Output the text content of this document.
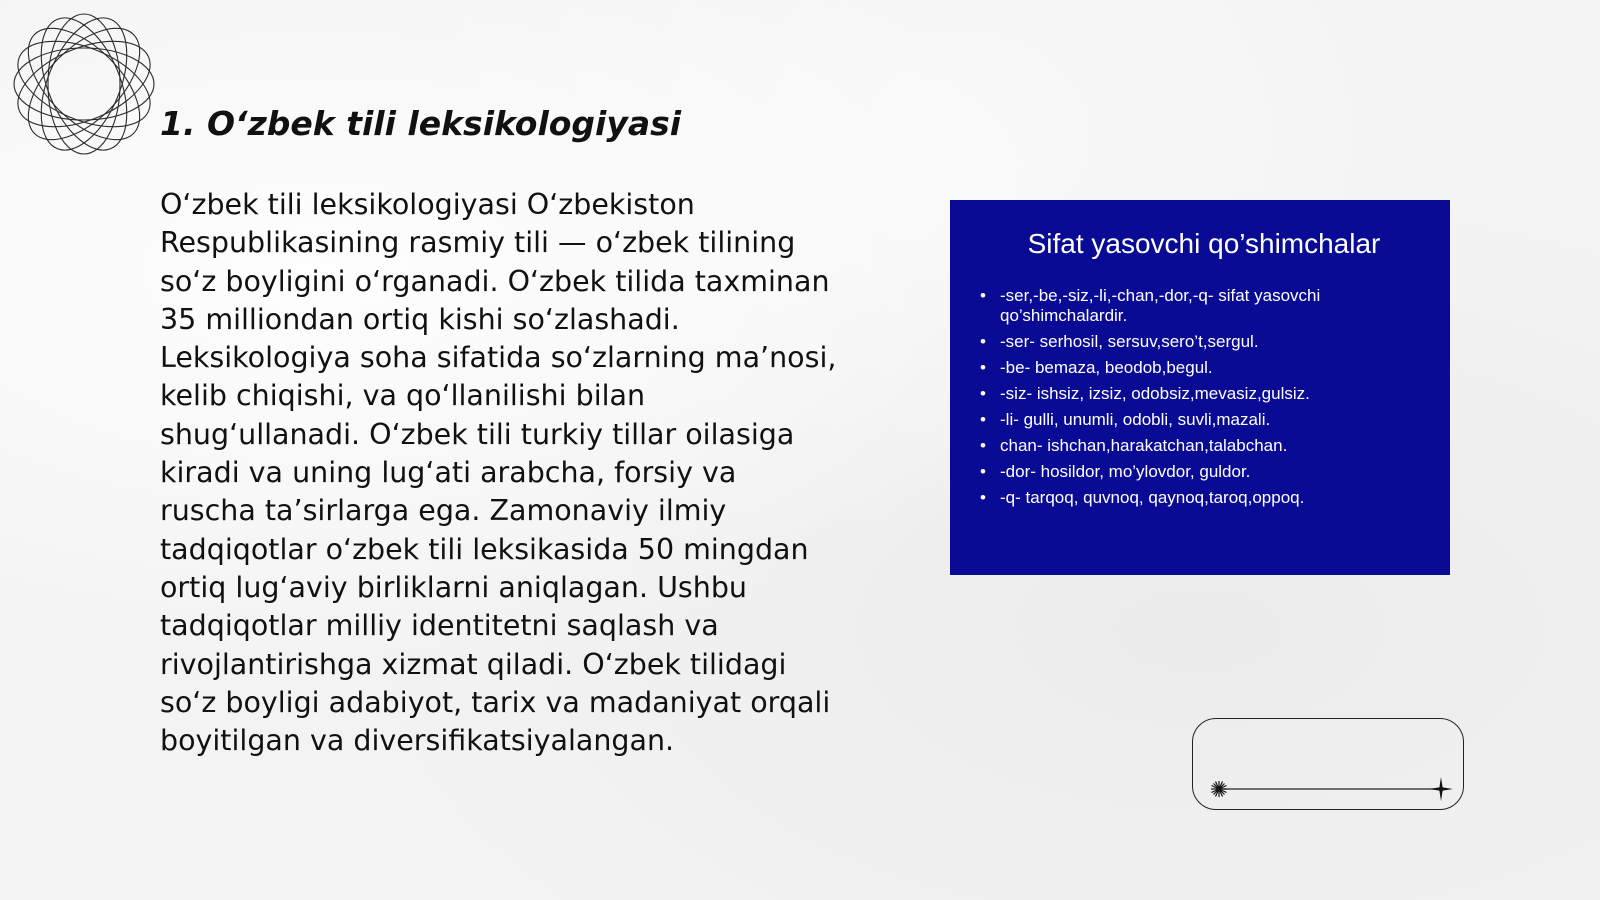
1. O‘zbek tili leksikologiyasi

O‘zbek tili leksikologiyasi O‘zbekiston Respublikasining rasmiy tili — o‘zbek tilining so‘z boyligini o‘rganadi. O‘zbek tilida taxminan 35 milliondan ortiq kishi so‘zlashadi. Leksikologiya soha sifatida so‘zlarning ma’nosi, kelib chiqishi, va qo‘llanilishi bilan shug‘ullanadi. O‘zbek tili turkiy tillar oilasiga kiradi va uning lug‘ati arabcha, forsiy va ruscha ta’sirlarga ega. Zamonaviy ilmiy tadqiqotlar o‘zbek tili leksikasida 50 mingdan ortiq lug‘aviy birliklarni aniqlagan. Ushbu tadqiqotlar milliy identitetni saqlash va rivojlantirishga xizmat qiladi. O‘zbek tilidagi so‘z boyligi adabiyot, tarix va madaniyat orqali boyitilgan va diversifikatsiyalangan.

Sifat yasovchi qo’shimchalar
• -ser,-be,-siz,-li,-chan,-dor,-q- sifat yasovchi qo’shimchalardir.
• -ser- serhosil, sersuv,sero’t,sergul.
• -be- bemaza, beodob,begul.
• -siz- ishsiz, izsiz, odobsiz,mevasiz,gulsiz.
• -li- gulli, unumli, odobli, suvli,mazali.
• chan- ishchan,harakatchan,talabchan.
• -dor- hosildor, mo’ylovdor, guldor.
• -q- tarqoq, quvnoq, qaynoq,taroq,oppoq.
